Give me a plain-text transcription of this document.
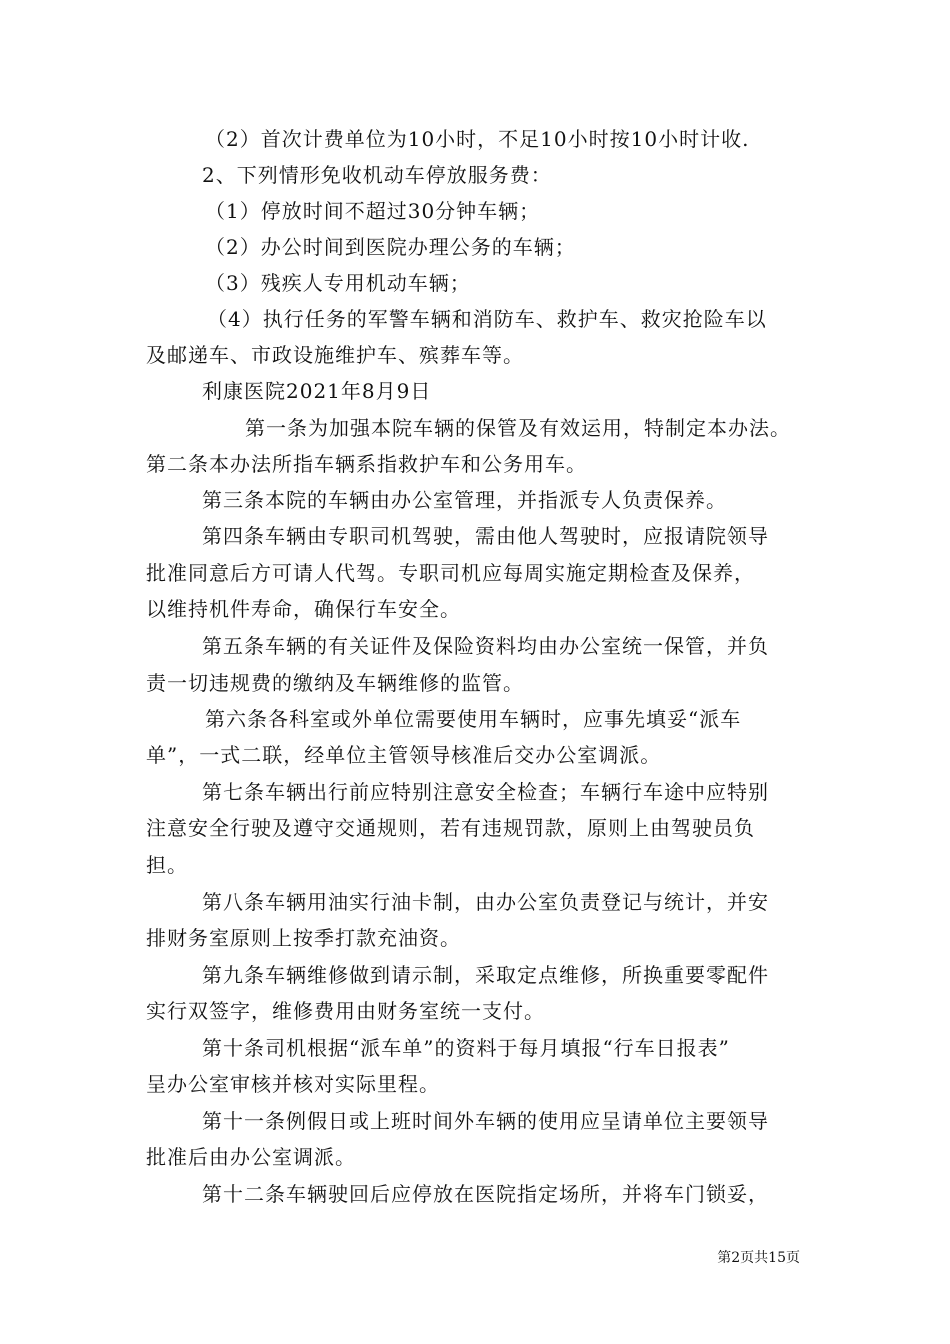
（2）首次计费单位为10小时，不足10小时按10小时计收.
2、下列情形免收机动车停放服务费：
（1）停放时间不超过30分钟车辆；
（2）办公时间到医院办理公务的车辆；
（3）残疾人专用机动车辆；
（4）执行任务的军警车辆和消防车、救护车、救灾抢险车以
及邮递车、市政设施维护车、殡葬车等。
利康医院2021年8月9日
第一条为加强本院车辆的保管及有效运用，特制定本办法。
第二条本办法所指车辆系指救护车和公务用车。
第三条本院的车辆由办公室管理，并指派专人负责保养。
第四条车辆由专职司机驾驶，需由他人驾驶时，应报请院领导
批准同意后方可请人代驾。专职司机应每周实施定期检查及保养，
以维持机件寿命，确保行车安全。
第五条车辆的有关证件及保险资料均由办公室统一保管，并负
责一切违规费的缴纳及车辆维修的监管。
第六条各科室或外单位需要使用车辆时，应事先填妥“派车
单”，一式二联，经单位主管领导核准后交办公室调派。
第七条车辆出行前应特别注意安全检查；车辆行车途中应特别
注意安全行驶及遵守交通规则，若有违规罚款，原则上由驾驶员负
担。
第八条车辆用油实行油卡制，由办公室负责登记与统计，并安
排财务室原则上按季打款充油资。
第九条车辆维修做到请示制，采取定点维修，所换重要零配件
实行双签字，维修费用由财务室统一支付。
第十条司机根据“派车单”的资料于每月填报“行车日报表”
呈办公室审核并核对实际里程。
第十一条例假日或上班时间外车辆的使用应呈请单位主要领导
批准后由办公室调派。
第十二条车辆驶回后应停放在医院指定场所，并将车门锁妥，
第2页共15页
